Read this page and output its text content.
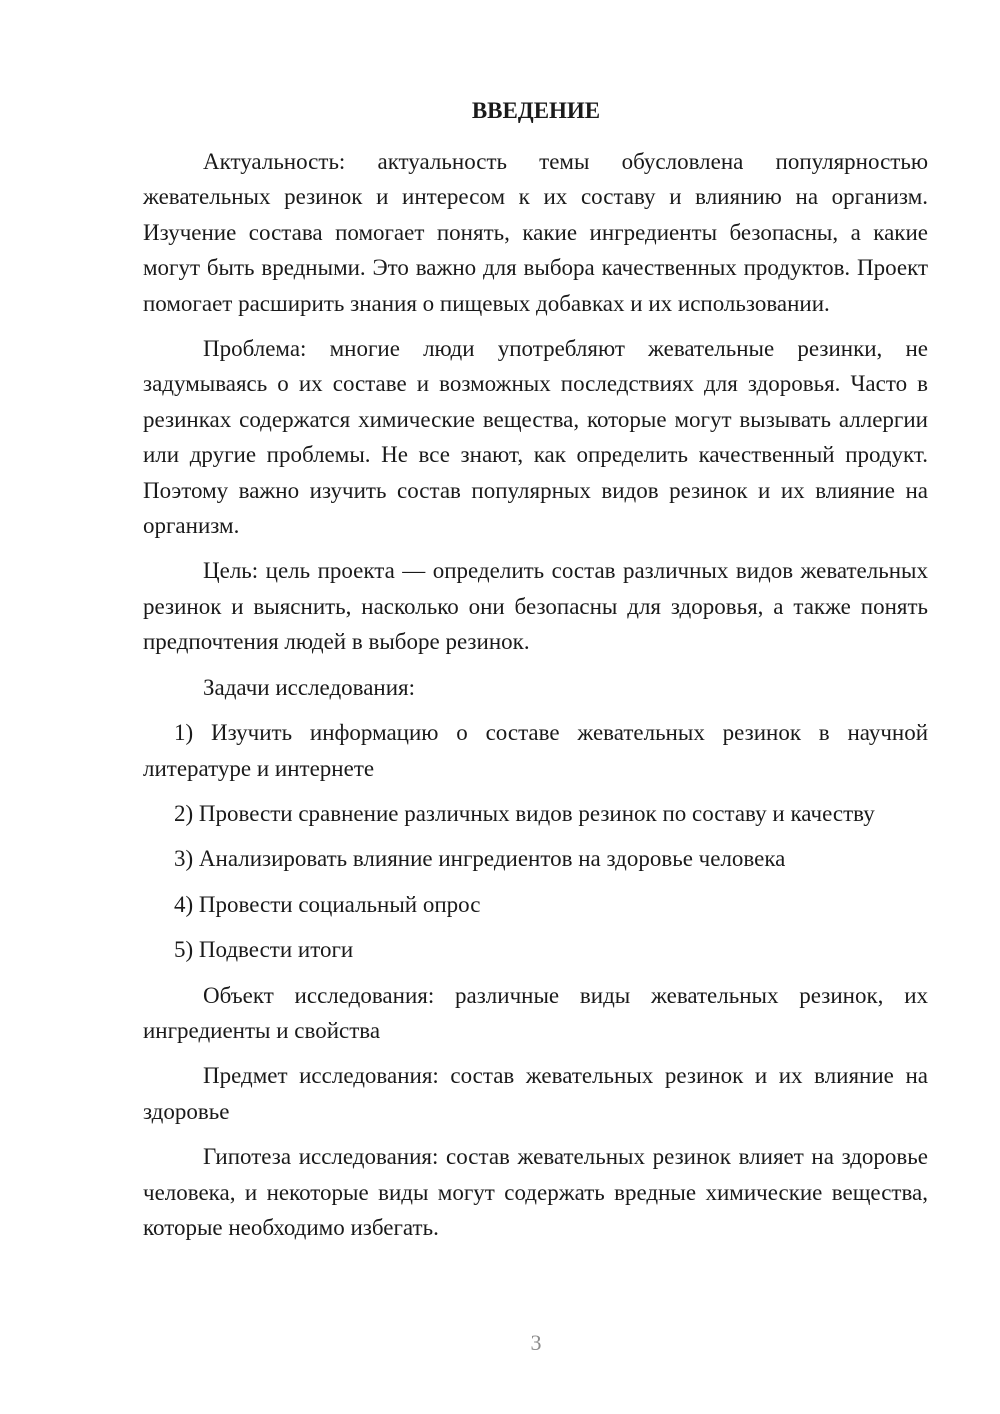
ВВЕДЕНИЕ

Актуальность: актуальность темы обусловлена популярностью жевательных резинок и интересом к их составу и влиянию на организм. Изучение состава помогает понять, какие ингредиенты безопасны, а какие могут быть вредными. Это важно для выбора качественных продуктов. Проект помогает расширить знания о пищевых добавках и их использовании.

Проблема: многие люди употребляют жевательные резинки, не задумываясь о их составе и возможных последствиях для здоровья. Часто в резинках содержатся химические вещества, которые могут вызывать аллергии или другие проблемы. Не все знают, как определить качественный продукт. Поэтому важно изучить состав популярных видов резинок и их влияние на организм.

Цель: цель проекта — определить состав различных видов жевательных резинок и выяснить, насколько они безопасны для здоровья, а также понять предпочтения людей в выборе резинок.

Задачи исследования:

1) Изучить информацию о составе жевательных резинок в научной литературе и интернете

2) Провести сравнение различных видов резинок по составу и качеству

3) Анализировать влияние ингредиентов на здоровье человека

4) Провести социальный опрос

5) Подвести итоги

Объект исследования: различные виды жевательных резинок, их ингредиенты и свойства

Предмет исследования: состав жевательных резинок и их влияние на здоровье

Гипотеза исследования: состав жевательных резинок влияет на здоровье человека, и некоторые виды могут содержать вредные химические вещества, которые необходимо избегать.

3
